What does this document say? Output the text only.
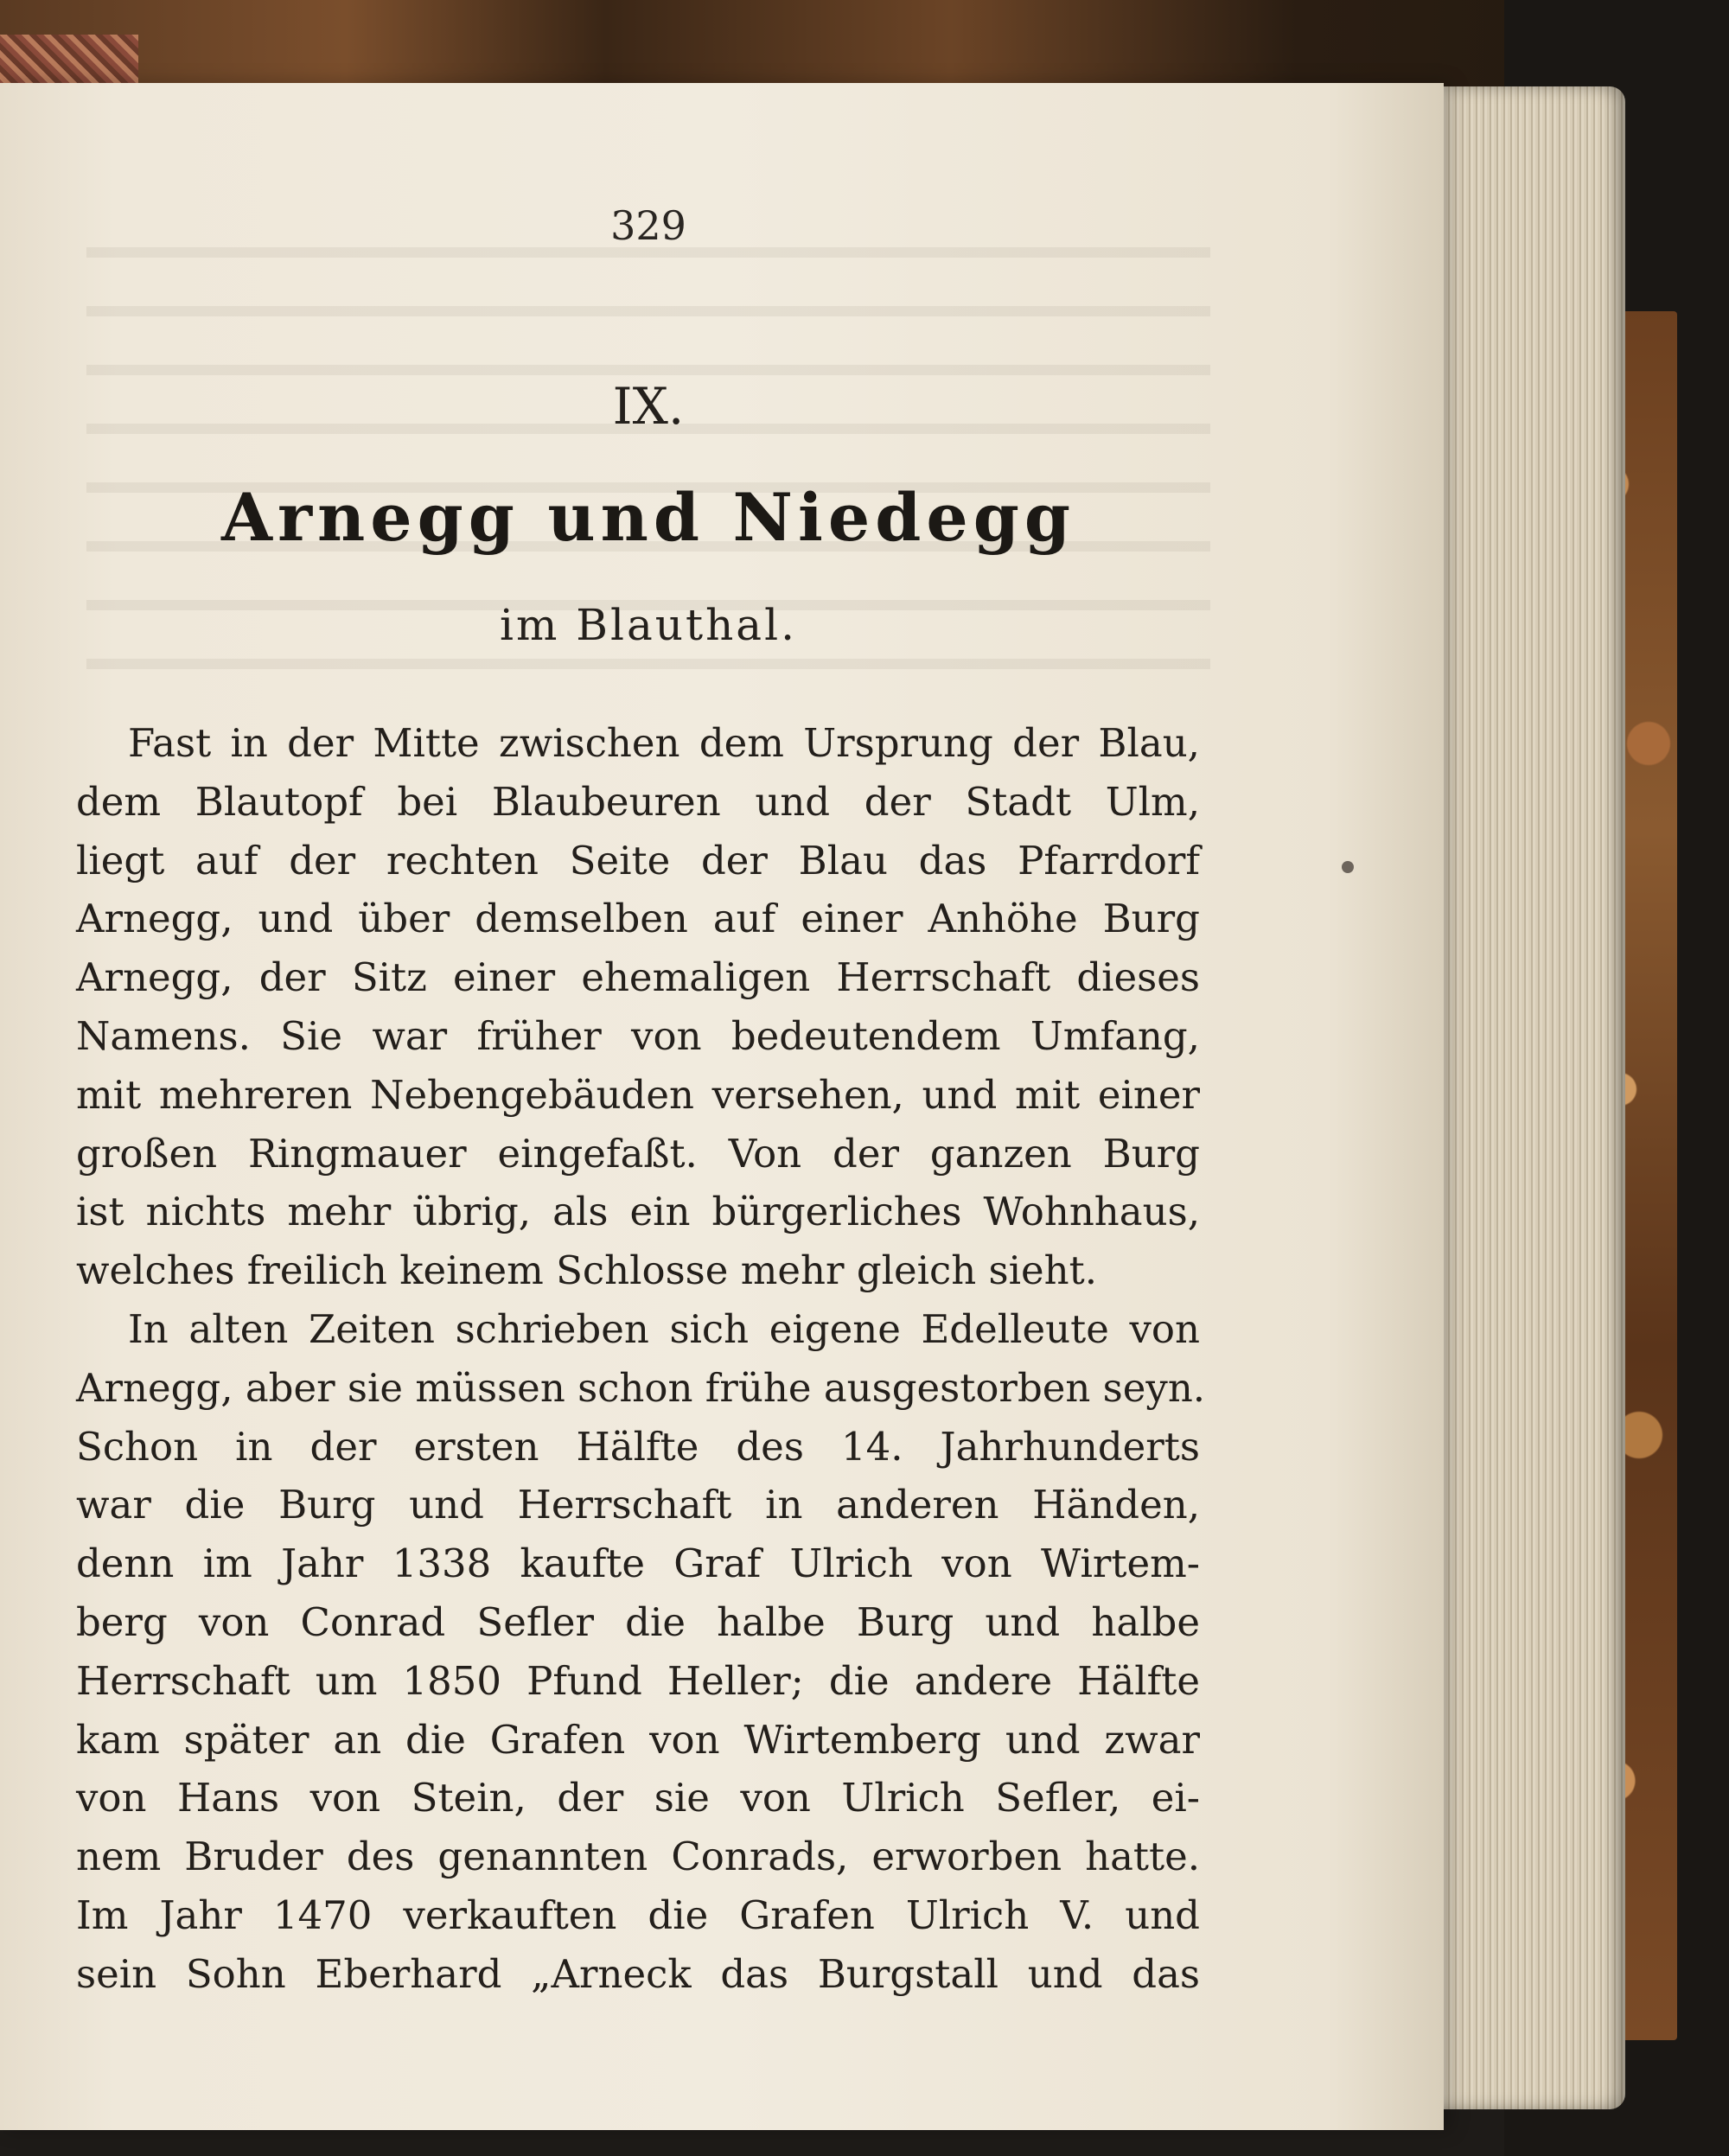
329
IX.
Arnegg und Niedegg
im Blauthal.
Fast in der Mitte zwischen dem Ursprung der Blau,
dem Blautopf bei Blaubeuren und der Stadt Ulm,
liegt auf der rechten Seite der Blau das Pfarrdorf
Arnegg, und über demselben auf einer Anhöhe Burg
Arnegg, der Sitz einer ehemaligen Herrschaft dieses
Namens. Sie war früher von bedeutendem Umfang,
mit mehreren Nebengebäuden versehen, und mit einer
großen Ringmauer eingefaßt. Von der ganzen Burg
ist nichts mehr übrig, als ein bürgerliches Wohnhaus,
welches freilich keinem Schlosse mehr gleich sieht.
In alten Zeiten schrieben sich eigene Edelleute von
Arnegg, aber sie müssen schon frühe ausgestorben seyn.
Schon in der ersten Hälfte des 14. Jahrhunderts
war die Burg und Herrschaft in anderen Händen,
denn im Jahr 1338 kaufte Graf Ulrich von Wirtem-
berg von Conrad Sefler die halbe Burg und halbe
Herrschaft um 1850 Pfund Heller; die andere Hälfte
kam später an die Grafen von Wirtemberg und zwar
von Hans von Stein, der sie von Ulrich Sefler, ei-
nem Bruder des genannten Conrads, erworben hatte.
Im Jahr 1470 verkauften die Grafen Ulrich V. und
sein Sohn Eberhard „Arneck das Burgstall und das
